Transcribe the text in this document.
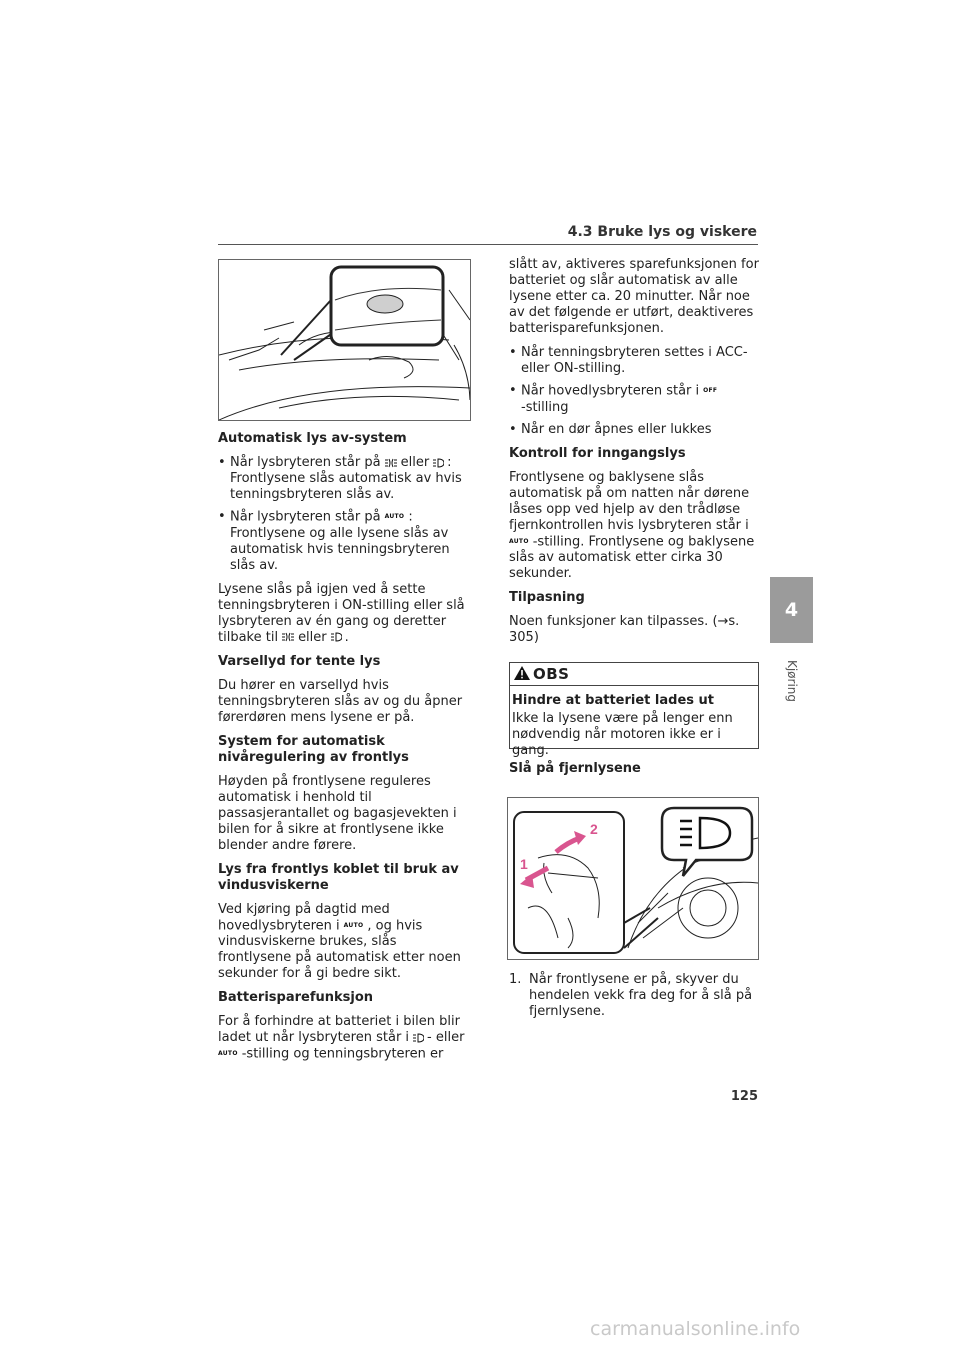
4.3 Bruke lys og viskere
4
Kjøring
Automatisk lys av-system
• Når lysbryteren står på eller : Frontlysene slås automatisk av hvis tenningsbryteren slås av.
• Når lysbryteren står på AUTO : Frontlysene og alle lysene slås av automatisk hvis tenningsbryteren slås av.

Lysene slås på igjen ved å sette tenningsbryteren i ON-stilling eller slå lysbryteren av én gang og deretter tilbake til eller .

Varsellyd for tente lys

Du hører en varsellyd hvis tenningsbryteren slås av og du åpner førerdøren mens lysene er på.

System for automatisk nivåregulering av frontlys

Høyden på frontlysene reguleres automatisk i henhold til passasjerantallet og bagasjevekten i bilen for å sikre at frontlysene ikke blender andre førere.

Lys fra frontlys koblet til bruk av vindusviskerne

Ved kjøring på dagtid med hovedlysbryteren i AUTO , og hvis vindusviskerne brukes, slås frontlysene på automatisk etter noen sekunder for å gi bedre sikt.

Batterisparefunksjon

For å forhindre at batteriet i bilen blir ladet ut når lysbryteren står i - eller AUTO -stilling og tenningsbryteren er

slått av, aktiveres sparefunksjonen for batteriet og slår automatisk av alle lysene etter ca. 20 minutter. Når noe av det følgende er utført, deaktiveres batterisparefunksjonen.

• Når tenningsbryteren settes i ACC- eller ON-stilling.
• Når hovedlysbryteren står i OFF
-stilling
• Når en dør åpnes eller lukkes
Kontroll for inngangslys

Frontlysene og baklysene slås automatisk på om natten når dørene låses opp ved hjelp av den trådløse fjernkontrollen hvis lysbryteren står i AUTO -stilling. Frontlysene og baklysene slås av automatisk etter cirka 30 sekunder.

Tilpasning

Noen funksjoner kan tilpasses. (→s. 305)

OBS
Hindre at batteriet lades ut

Ikke la lysene være på lenger enn nødvendig når motoren ikke er i gang.

Slå på fjernlysene
1
2
1. Når frontlysene er på, skyver du hendelen vekk fra deg for å slå på fjernlysene.
125
carmanualsonline.info
